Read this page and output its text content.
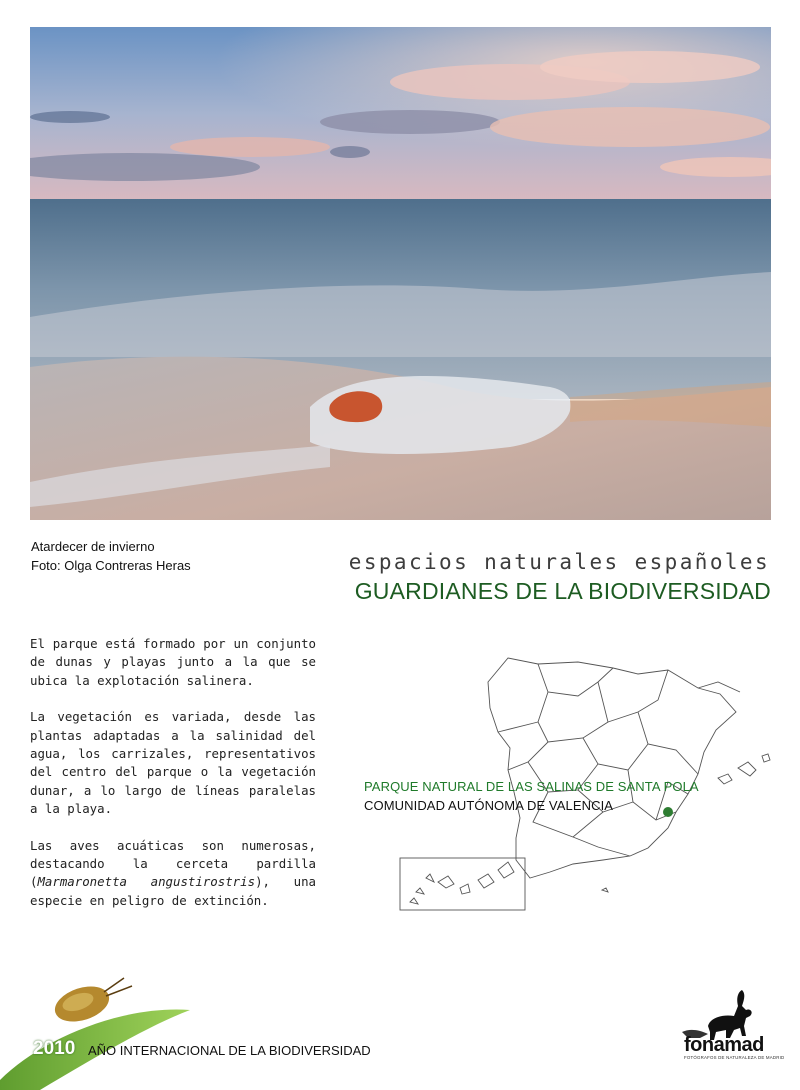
Atardecer de invierno
Foto: Olga Contreras Heras	espacios naturales españoles
GUARDIANES DE LA BIODIVERSIDAD

El parque está formado por un conjunto de dunas y playas junto a la que se ubica la explotación salinera.

La vegetación es variada, desde las plantas adaptadas a la salinidad del agua, los carrizales, representativos del centro del parque o la vegetación dunar, a lo largo de líneas paralelas a la playa.

Las aves acuáticas son numerosas, destacando la cerceta pardilla (Marmaronetta angustirostris), una especie en peligro de extinción.

PARQUE NATURAL DE LAS SALINAS DE SANTA POLA
COMUNIDAD AUTÓNOMA DE VALENCIA
2010 AÑO INTERNACIONAL DE LA BIODIVERSIDAD	fonamad
FOTÓGRAFOS DE NATURALEZA DE MADRID
